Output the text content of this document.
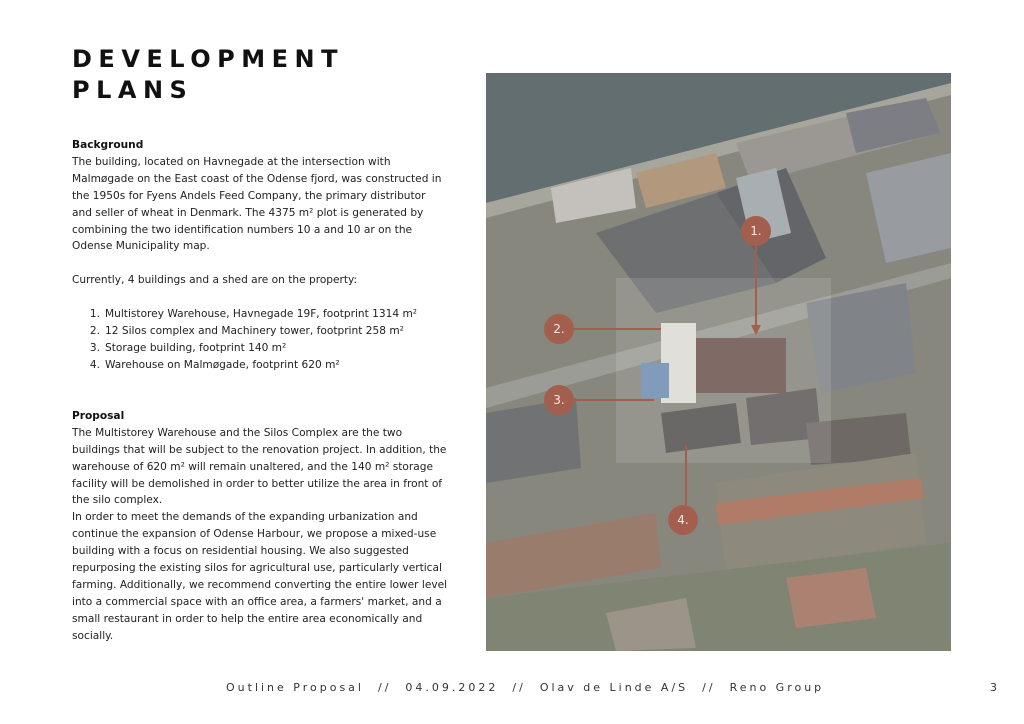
DEVELOPMENT
PLANS

Background

The building, located on Havnegade at the intersection with Malmøgade on the East coast of the Odense fjord, was constructed in the 1950s for Fyens Andels Feed Company, the primary distributor and seller of wheat in Denmark. The 4375 m² plot is generated by combining the two identification numbers 10 a and 10 ar on the Odense Municipality map.

Currently, 4 buildings and a shed are on the property:

1. Multistorey Warehouse, Havnegade 19F, footprint 1314 m²
2. 12 Silos complex and Machinery tower, footprint 258 m²
3. Storage building, footprint 140 m²
4. Warehouse on Malmøgade, footprint 620 m²

Proposal

The Multistorey Warehouse and the Silos Complex are the two buildings that will be subject to the renovation project. In addition, the warehouse of 620 m² will remain unaltered, and the 140 m² storage facility will be demolished in order to better utilize the area in front of the silo complex.

In order to meet the demands of the expanding urbanization and continue the expansion of Odense Harbour, we propose a mixed-use building with a focus on residential housing. We also suggested repurposing the existing silos for agricultural use, particularly vertical farming. Additionally, we recommend converting the entire lower level into a commercial space with an office area, a farmers' market, and a small restaurant in order to help the entire area economically and socially.

1.
2.
3.
4.
Outline Proposal // 04.09.2022 // Olav de Linde A/S // Reno Group	3
